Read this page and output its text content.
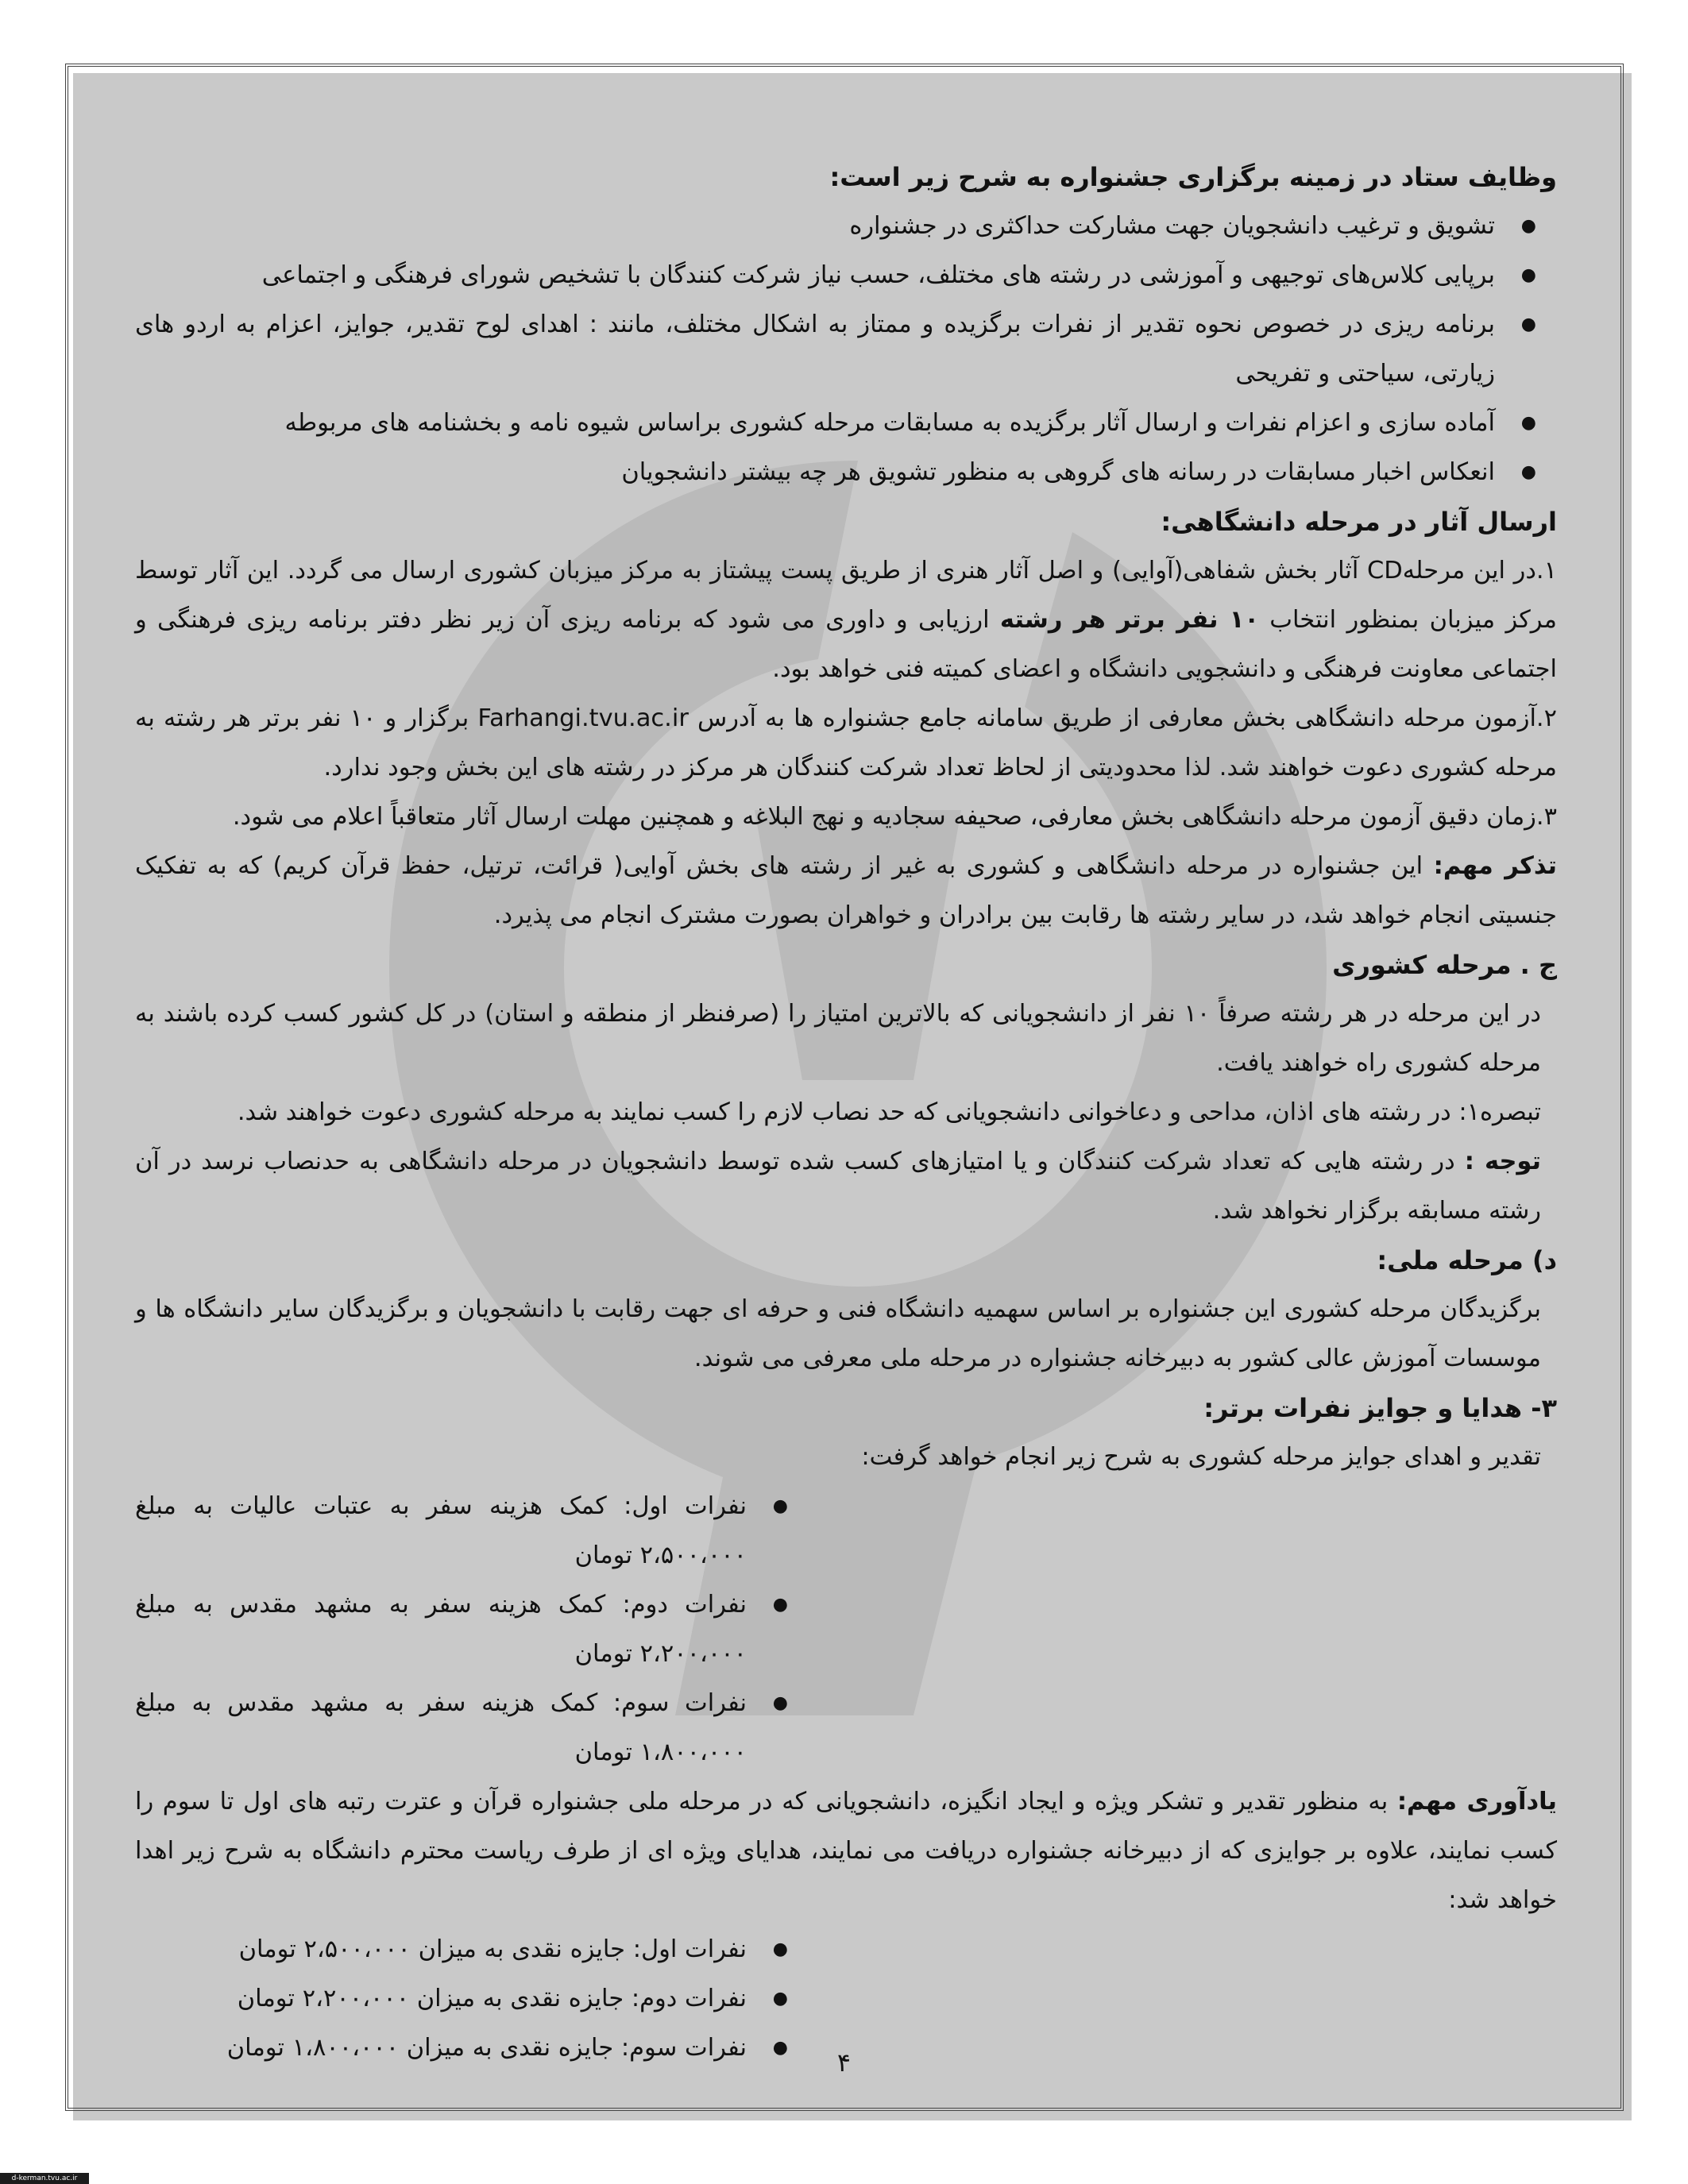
وظایف ستاد در زمینه برگزاری جشنواره به شرح زیر است:

● تشویق و ترغیب دانشجویان جهت مشارکت حداکثری در جشنواره
● برپایی کلاس‌های توجیهی و آموزشی در رشته های مختلف، حسب نیاز شرکت کنندگان با تشخیص شورای فرهنگی و اجتماعی
● برنامه ریزی در خصوص نحوه تقدیر از نفرات برگزیده و ممتاز به اشکال مختلف، مانند : اهدای لوح تقدیر، جوایز، اعزام به اردو های زیارتی، سیاحتی و تفریحی
● آماده سازی و اعزام نفرات و ارسال آثار برگزیده به مسابقات مرحله کشوری براساس شیوه نامه و بخشنامه های مربوطه
● انعکاس اخبار مسابقات در رسانه های گروهی به منظور تشویق هر چه بیشتر دانشجویان

ارسال آثار در مرحله دانشگاهی:

۱.در این مرحلهCD آثار بخش شفاهی(آوایی) و اصل آثار هنری از طریق پست پیشتاز به مرکز میزبان کشوری ارسال می گردد. این آثار توسط مرکز میزبان بمنظور انتخاب ۱۰ نفر برتر هر رشته ارزیابی و داوری می شود که برنامه ریزی آن زیر نظر دفتر برنامه ریزی فرهنگی و اجتماعی معاونت فرهنگی و دانشجویی دانشگاه و اعضای کمیته فنی خواهد بود.

۲.آزمون مرحله دانشگاهی بخش معارفی از طریق سامانه جامع جشنواره ها به آدرس Farhangi.tvu.ac.ir برگزار و ۱۰ نفر برتر هر رشته به مرحله کشوری دعوت خواهند شد. لذا محدودیتی از لحاظ تعداد شرکت کنندگان هر مرکز در رشته های این بخش وجود ندارد.

۳.زمان دقیق آزمون مرحله دانشگاهی بخش معارفی، صحیفه سجادیه و نهج البلاغه و همچنین مهلت ارسال آثار متعاقباً اعلام می شود.

تذکر مهم: این جشنواره در مرحله دانشگاهی و کشوری به غیر از رشته های بخش آوایی( قرائت، ترتیل، حفظ قرآن کریم) که به تفکیک جنسیتی انجام خواهد شد، در سایر رشته ها رقابت بین برادران و خواهران بصورت مشترک انجام می پذیرد.

ج . مرحله کشوری

در این مرحله در هر رشته صرفاً ۱۰ نفر از دانشجویانی که بالاترین امتیاز را (صرفنظر از منطقه و استان) در کل کشور کسب کرده باشند به مرحله کشوری راه خواهند یافت.

تبصره۱: در رشته های اذان، مداحی و دعاخوانی دانشجویانی که حد نصاب لازم را کسب نمایند به مرحله کشوری دعوت خواهند شد.

توجه : در رشته هایی که تعداد شرکت کنندگان و یا امتیازهای کسب شده توسط دانشجویان در مرحله دانشگاهی به حدنصاب نرسد در آن رشته مسابقه برگزار نخواهد شد.

د) مرحله ملی:

برگزیدگان مرحله کشوری این جشنواره بر اساس سهمیه دانشگاه فنی و حرفه ای جهت رقابت با دانشجویان و برگزیدگان سایر دانشگاه ها و موسسات آموزش عالی کشور به دبیرخانه جشنواره در مرحله ملی معرفی می شوند.

۳- هدایا و جوایز نفرات برتر:

تقدیر و اهدای جوایز مرحله کشوری به شرح زیر انجام خواهد گرفت:

● نفرات اول: کمک هزینه سفر به عتبات عالیات به مبلغ ۲،۵۰۰،۰۰۰ تومان
● نفرات دوم: کمک هزینه سفر به مشهد مقدس به مبلغ ۲،۲۰۰،۰۰۰ تومان
● نفرات سوم: کمک هزینه سفر به مشهد مقدس به مبلغ ۱،۸۰۰،۰۰۰ تومان

یادآوری مهم: به منظور تقدیر و تشکر ویژه و ایجاد انگیزه، دانشجویانی که در مرحله ملی جشنواره قرآن و عترت رتبه های اول تا سوم را کسب نمایند، علاوه بر جوایزی که از دبیرخانه جشنواره دریافت می نمایند، هدایای ویژه ای از طرف ریاست محترم دانشگاه به شرح زیر اهدا خواهد شد:

● نفرات اول: جایزه نقدی به میزان ۲،۵۰۰،۰۰۰ تومان
● نفرات دوم: جایزه نقدی به میزان ۲،۲۰۰،۰۰۰ تومان
● نفرات سوم: جایزه نقدی به میزان ۱،۸۰۰،۰۰۰ تومان	۴
d-kerman.tvu.ac.ir
